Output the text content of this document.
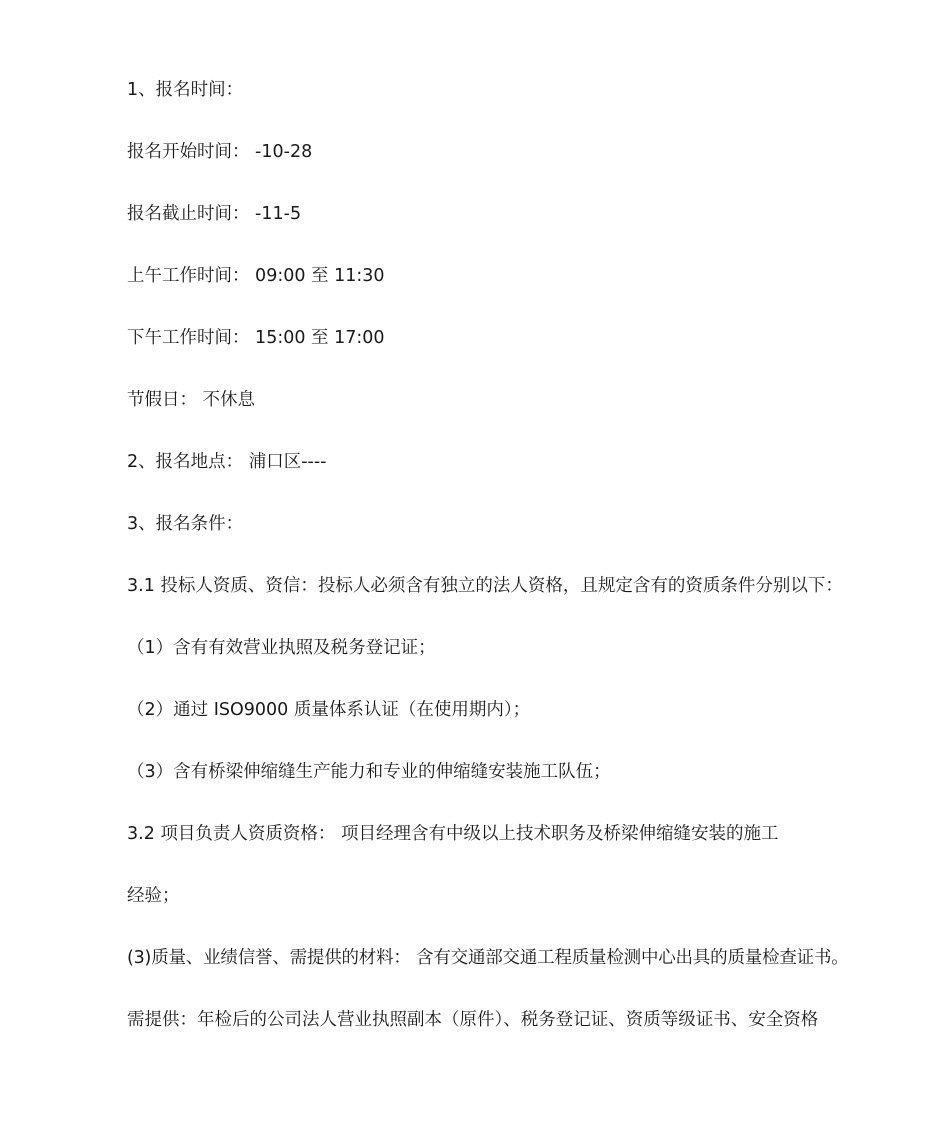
1、报名时间：
报名开始时间： -10-28
报名截止时间： -11-5
上午工作时间： 09:00 至 11:30
下午工作时间： 15:00 至 17:00
节假日： 不休息
2、报名地点： 浦口区----
3、报名条件：
3.1 投标人资质、资信：投标人必须含有独立的法人资格，且规定含有的资质条件分别以下：
（1）含有有效营业执照及税务登记证；
（2）通过 ISO9000 质量体系认证（在使用期内）；
（3）含有桥梁伸缩缝生产能力和专业的伸缩缝安装施工队伍；
3.2 项目负责人资质资格： 项目经理含有中级以上技术职务及桥梁伸缩缝安装的施工
经验；
(3)质量、业绩信誉、需提供的材料： 含有交通部交通工程质量检测中心出具的质量检查证书。
需提供：年检后的公司法人营业执照副本（原件）、税务登记证、资质等级证书、安全资格
